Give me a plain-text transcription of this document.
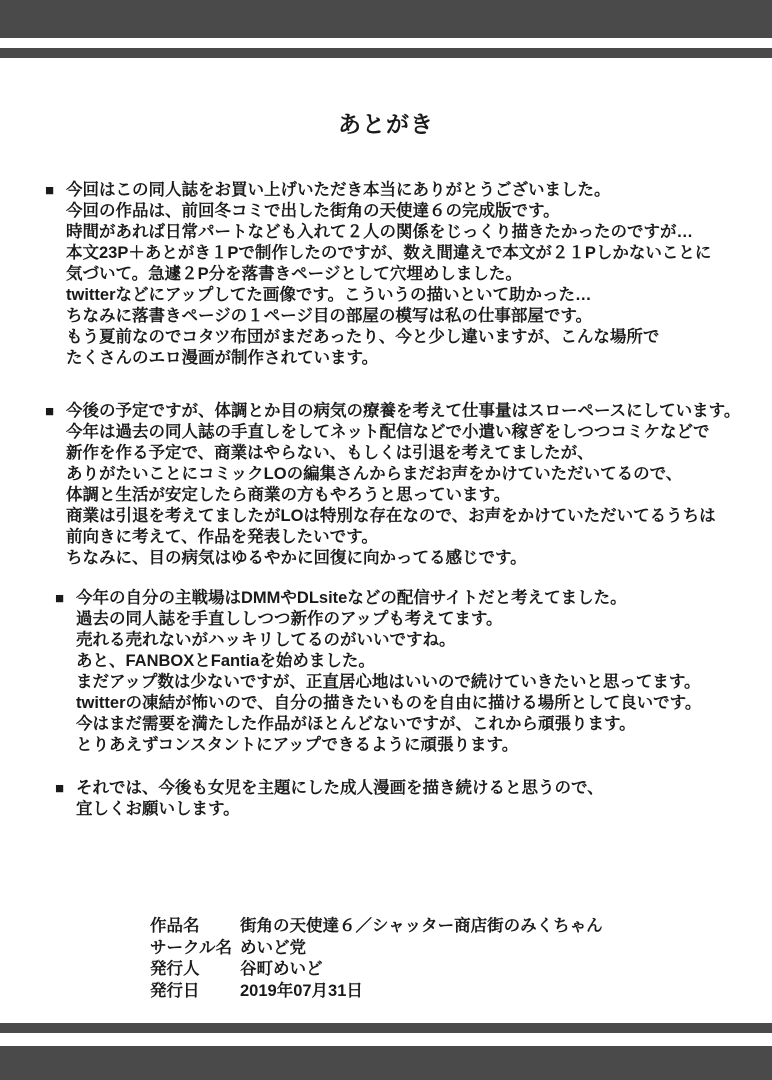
あとがき
■ 今回はこの同人誌をお買い上げいただき本当にありがとうございました。
今回の作品は、前回冬コミで出した街角の天使達６の完成版です。
時間があれば日常パートなども入れて２人の関係をじっくり描きたかったのですが…
本文23P＋あとがき１Pで制作したのですが、数え間違えで本文が２１Pしかないことに
気づいて。急遽２P分を落書きページとして穴埋めしました。
twitterなどにアップしてた画像です。こういうの描いといて助かった…
ちなみに落書きページの１ページ目の部屋の模写は私の仕事部屋です。
もう夏前なのでコタツ布団がまだあったり、今と少し違いますが、こんな場所で
たくさんのエロ漫画が制作されています。
■ 今後の予定ですが、体調とか目の病気の療養を考えて仕事量はスローペースにしています。
今年は過去の同人誌の手直しをしてネット配信などで小遣い稼ぎをしつつコミケなどで
新作を作る予定で、商業はやらない、もしくは引退を考えてましたが、
ありがたいことにコミックLOの編集さんからまだお声をかけていただいてるので、
体調と生活が安定したら商業の方もやろうと思っています。
商業は引退を考えてましたがLOは特別な存在なので、お声をかけていただいてるうちは
前向きに考えて、作品を発表したいです。
ちなみに、目の病気はゆるやかに回復に向かってる感じです。
■ 今年の自分の主戦場はDMMやDLsiteなどの配信サイトだと考えてました。
過去の同人誌を手直ししつつ新作のアップも考えてます。
売れる売れないがハッキリしてるのがいいですね。
あと、FANBOXとFantiaを始めました。
まだアップ数は少ないですが、正直居心地はいいので続けていきたいと思ってます。
twitterの凍結が怖いので、自分の描きたいものを自由に描ける場所として良いです。
今はまだ需要を満たした作品がほとんどないですが、これから頑張ります。
とりあえずコンスタントにアップできるように頑張ります。
■ それでは、今後も女児を主題にした成人漫画を描き続けると思うので、
宜しくお願いします。
作品名	街角の天使達６／シャッター商店街のみくちゃん
サークル名 めいど党
発行人	谷町めいど
発行日	2019年07月31日
